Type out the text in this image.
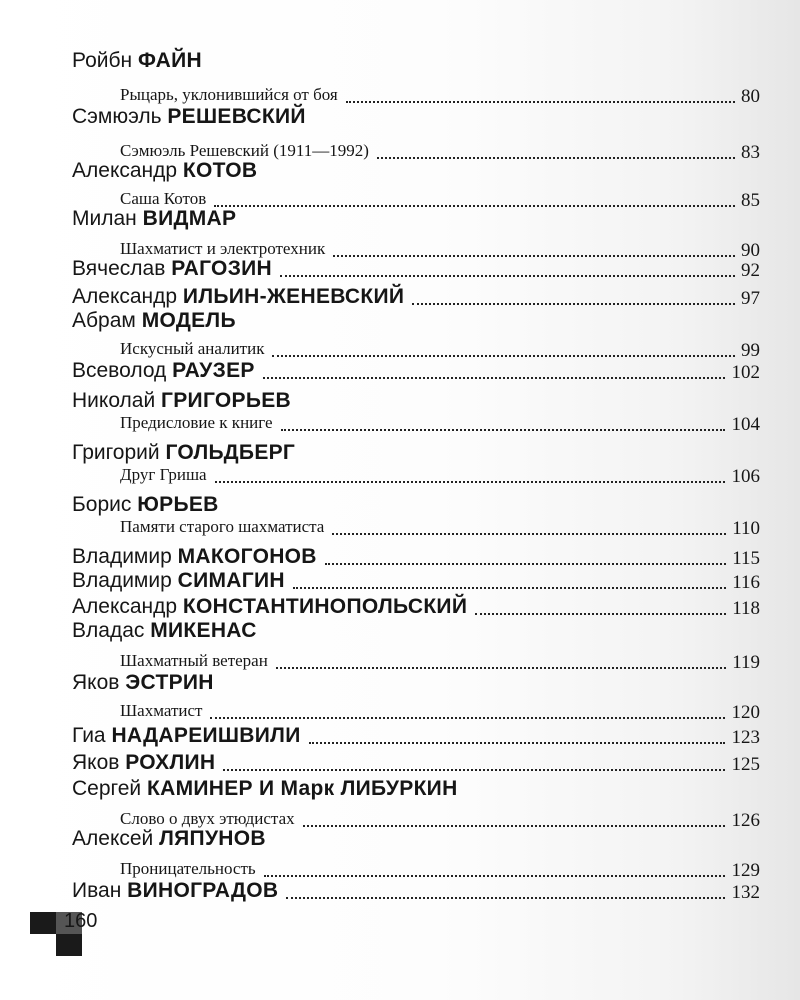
Ройбн ФАЙН
Рыцарь, уклонившийся от боя	80
Сэмюэль РЕШЕВСКИЙ
Сэмюэль Решевский (1911—1992)	83
Александр КОТОВ
Саша Котов	85
Милан ВИДМАР
Шахматист и электротехник	90
Вячеслав РАГОЗИН	92
Александр ИЛЬИН-ЖЕНЕВСКИЙ	97
Абрам МОДЕЛЬ
Искусный аналитик	99
Всеволод РАУЗЕР	102
Николай ГРИГОРЬЕВ
Предисловие к книге	104
Григорий ГОЛЬДБЕРГ
Друг Гриша	106
Борис ЮРЬЕВ
Памяти старого шахматиста	110
Владимир МАКОГОНОВ	115
Владимир СИМАГИН	116
Александр КОНСТАНТИНОПОЛЬСКИЙ	118
Владас МИКЕНАС
Шахматный ветеран	119
Яков ЭСТРИН
Шахматист	120
Гиа НАДАРЕИШВИЛИ	123
Яков РОХЛИН	125
Сергей КАМИНЕР И Марк ЛИБУРКИН
Слово о двух этюдистах	126
Алексей ЛЯПУНОВ
Проницательность	129
Иван ВИНОГРАДОВ	132
160
